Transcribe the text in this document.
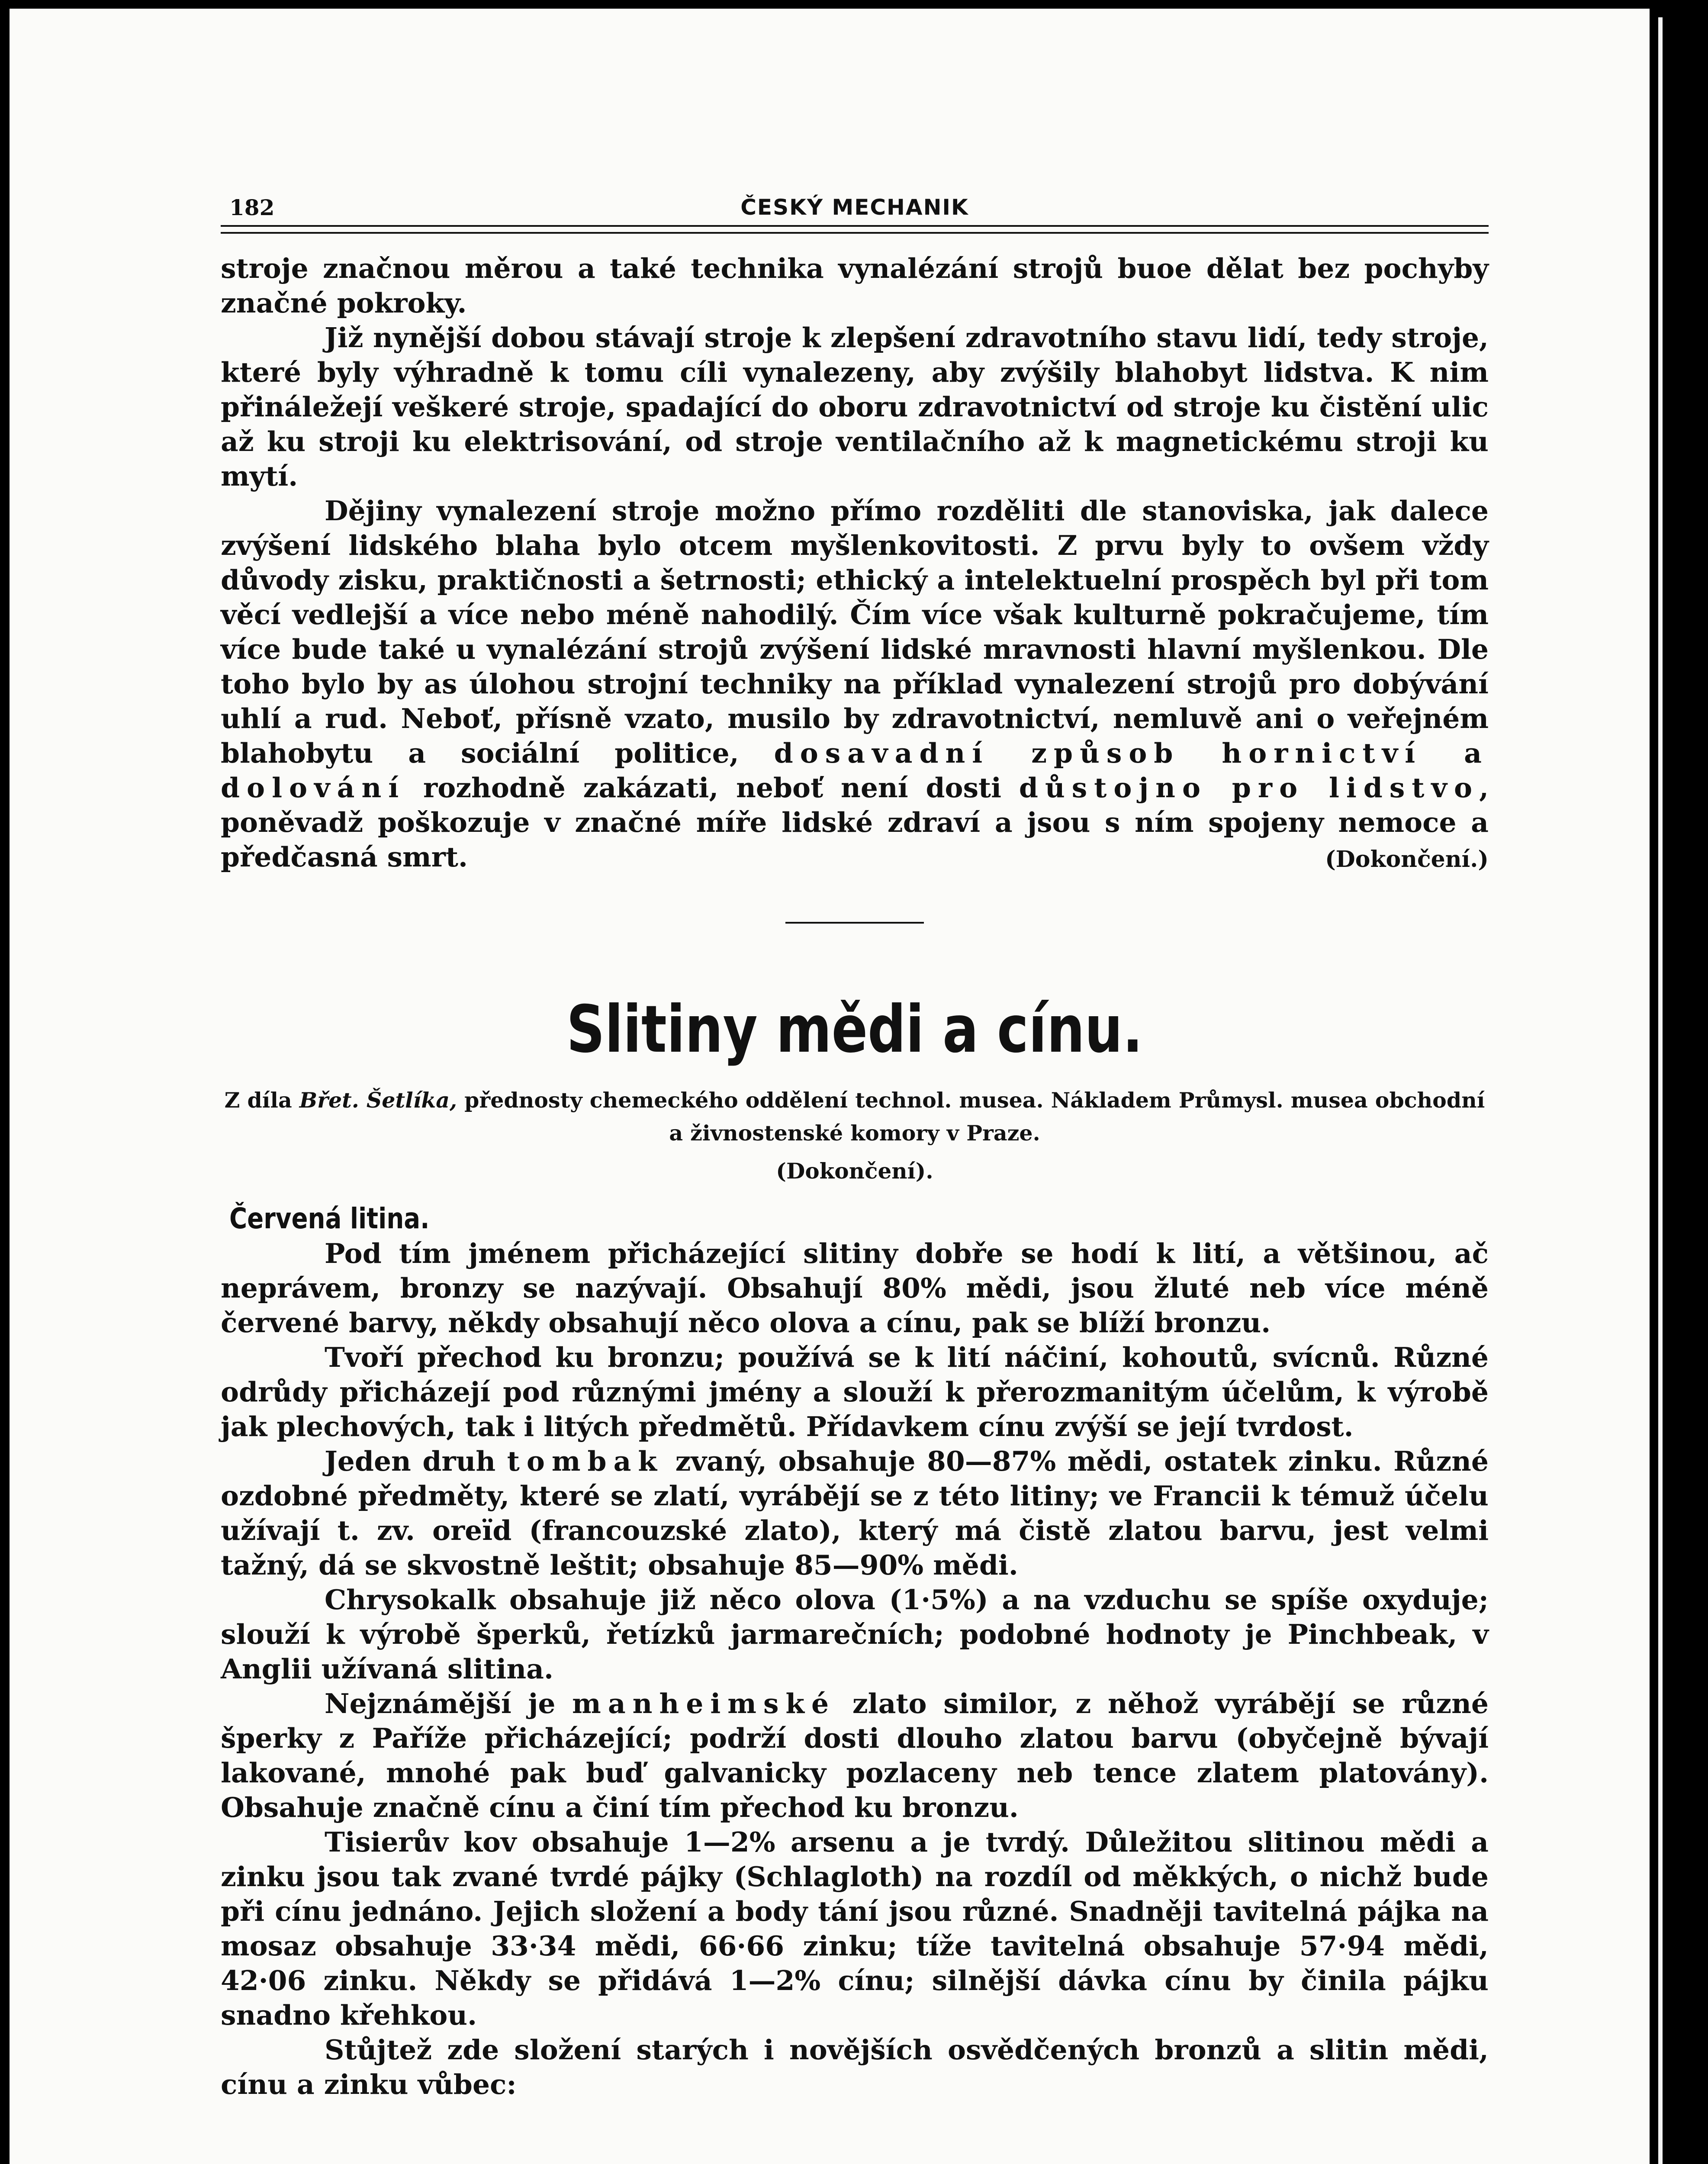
182	ČESKÝ MECHANIK

stroje značnou měrou a také technika vynalézání strojů buoe dělat bez pochyby značné pokroky.

Již nynější dobou stávají stroje k zlepšení zdravotního stavu lidí, tedy stroje, které byly výhradně k tomu cíli vynalezeny, aby zvýšily blahobyt lidstva. K nim přináležejí veškeré stroje, spadající do oboru zdravotnictví od stroje ku čistění ulic až ku stroji ku elektrisování, od stroje ventilačního až k magnetickému stroji ku mytí.

Dějiny vynalezení stroje možno přímo rozděliti dle stanoviska, jak dalece zvýšení lidského blaha bylo otcem myšlenkovitosti. Z prvu byly to ovšem vždy důvody zisku, praktičnosti a šetrnosti; ethický a intelektuelní prospěch byl při tom věcí vedlejší a více nebo méně nahodilý. Čím více však kulturně pokračujeme, tím více bude také u vynalézání strojů zvýšení lidské mravnosti hlavní myšlenkou. Dle toho bylo by as úlohou strojní techniky na příklad vynalezení strojů pro dobývání uhlí a rud. Neboť, přísně vzato, musilo by zdravotnictví, nemluvě ani o veřejném blahobytu a sociální politice, dosavadní způsob hornictví a dolování rozhodně zakázati, neboť není dosti důstojno pro lidstvo, poněvadž poškozuje v značné míře lidské zdraví a jsou s ním spojeny nemoce a předčasná smrt.	(Dokončení.)

Slitiny mědi a cínu.
Z díla Břet. Šetlíka, přednosty chemeckého oddělení technol. musea. Nákladem Průmysl. musea obchodní a živnostenské komory v Praze.
(Dokončení).
Červená litina.

Pod tím jménem přicházející slitiny dobře se hodí k lití, a většinou, ač neprávem, bronzy se nazývají. Obsahují 80% mědi, jsou žluté neb více méně červené barvy, někdy obsahují něco olova a cínu, pak se blíží bronzu.

Tvoří přechod ku bronzu; používá se k lití náčiní, kohoutů, svícnů. Různé odrůdy přicházejí pod různými jmény a slouží k přerozmanitým účelům, k výrobě jak plechových, tak i litých předmětů. Přídavkem cínu zvýší se její tvrdost.

Jeden druh tombak zvaný, obsahuje 80—87% mědi, ostatek zinku. Různé ozdobné předměty, které se zlatí, vyrábějí se z této litiny; ve Francii k témuž účelu užívají t. zv. oreïd (francouzské zlato), který má čistě zlatou barvu, jest velmi tažný, dá se skvostně leštit; obsahuje 85—90% mědi.

Chrysokalk obsahuje již něco olova (1·5%) a na vzduchu se spíše oxyduje; slouží k výrobě šperků, řetízků jarmarečních; podobné hodnoty je Pinchbeak, v Anglii užívaná slitina.

Nejznámější je manheimské zlato similor, z něhož vyrábějí se různé šperky z Paříže přicházející; podrží dosti dlouho zlatou barvu (obyčejně bývají lakované, mnohé pak buď galvanicky pozlaceny neb tence zlatem platovány). Obsahuje značně cínu a činí tím přechod ku bronzu.

Tisierův kov obsahuje 1—2% arsenu a je tvrdý. Důležitou slitinou mědi a zinku jsou tak zvané tvrdé pájky (Schlagloth) na rozdíl od měkkých, o nichž bude při cínu jednáno. Jejich složení a body tání jsou různé. Snadněji tavitelná pájka na mosaz obsahuje 33·34 mědi, 66·66 zinku; tíže tavitelná obsahuje 57·94 mědi, 42·06 zinku. Někdy se přidává 1—2% cínu; silnější dávka cínu by činila pájku snadno křehkou.

Stůjtež zde složení starých i novějších osvědčených bronzů a slitin mědi, cínu a zinku vůbec:
